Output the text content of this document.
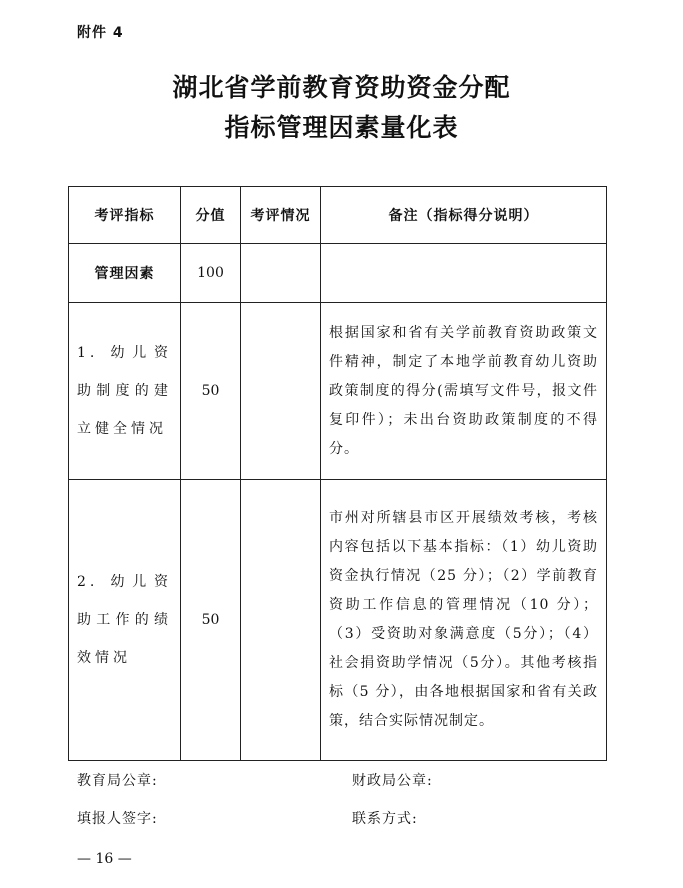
附件 4
湖北省学前教育资助资金分配
指标管理因素量化表
考评指标	分值	考评情况	备注（指标得分说明）
管理因素	100		
1. 幼儿资助制度的建立健全情况	50		根据国家和省有关学前教育资助政策文件精神，制定了本地学前教育幼儿资助政策制度的得分(需填写文件号，报文件复印件）；未出台资助政策制度的不得分。
2. 幼儿资助工作的绩效情况	50		市州对所辖县市区开展绩效考核，考核内容包括以下基本指标：（1）幼儿资助资金执行情况（25 分）；（2）学前教育资助工作信息的管理情况（10 分）；（3）受资助对象满意度（5分）；（4）社会捐资助学情况（5分）。其他考核指标（5 分），由各地根据国家和省有关政策，结合实际情况制定。
教育局公章:	财政局公章:
填报人签字:	联系方式:
— 16 —
